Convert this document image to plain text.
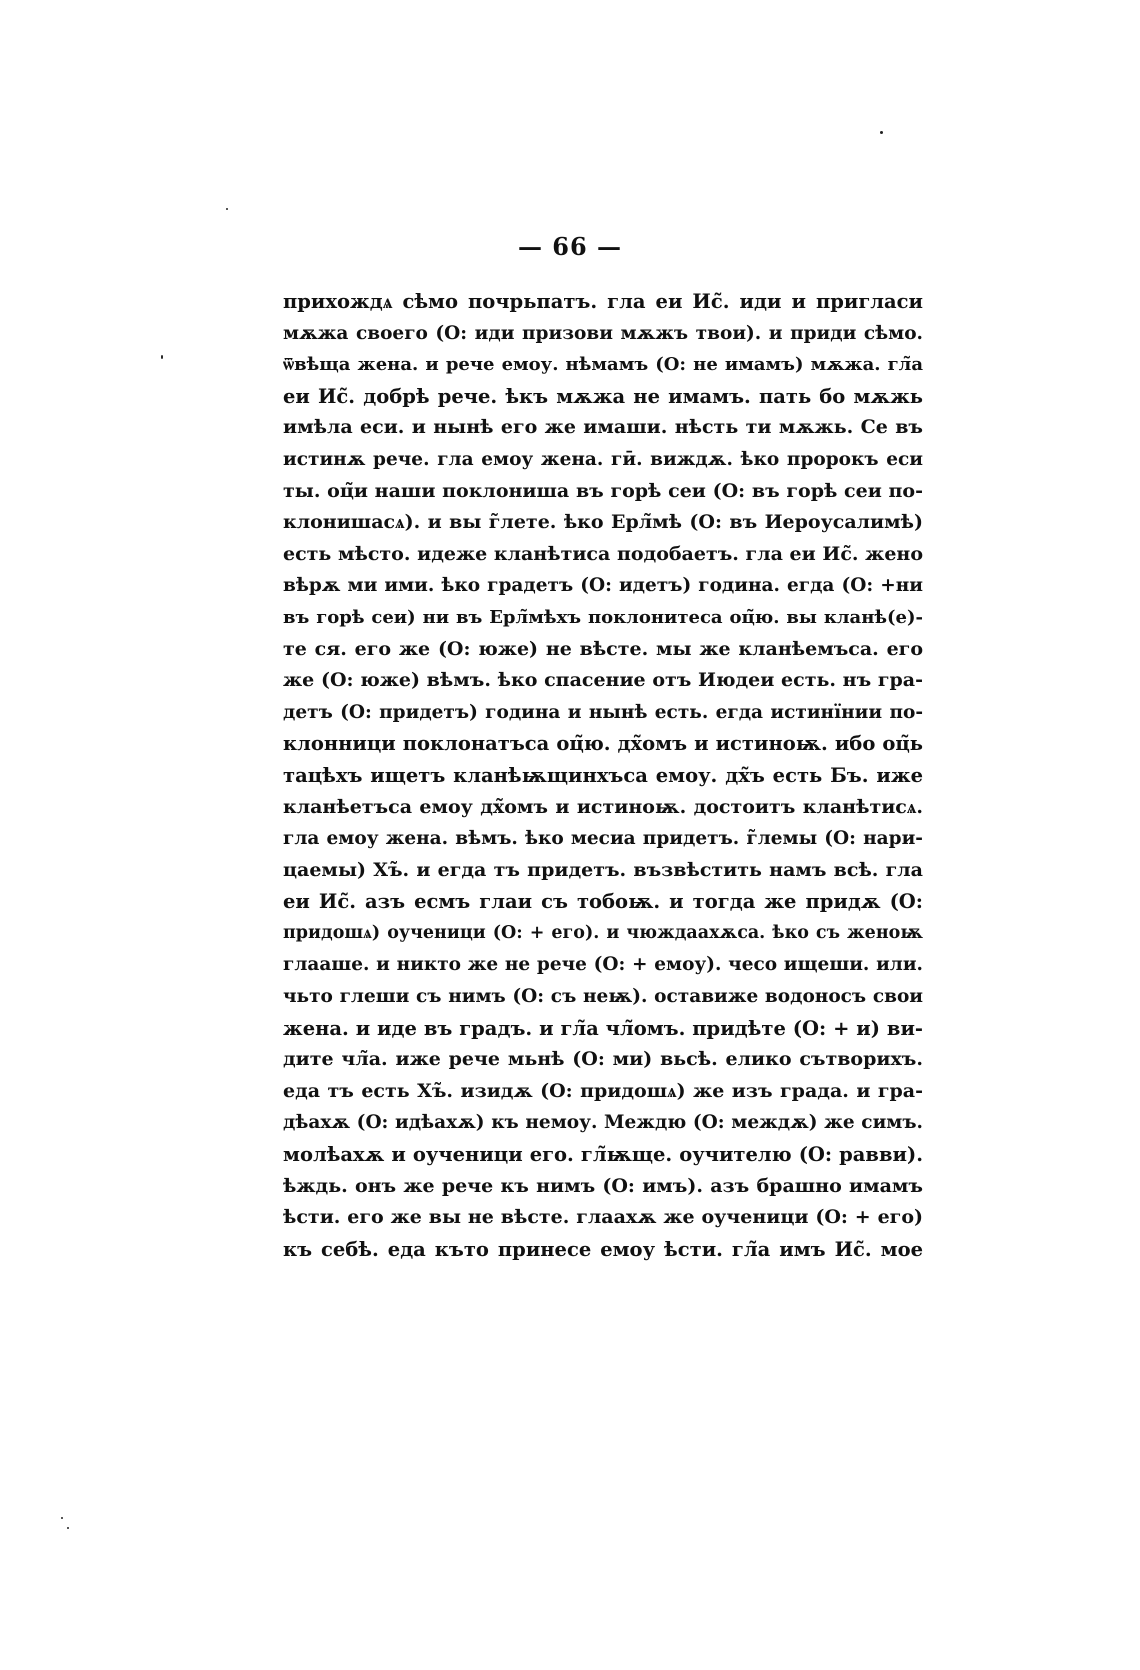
— 66 —
прихождѧ сѣмо почрьпатъ. гла еи Ис̃. иди и пригласи
мѫжа своего (О: иди призови мѫжъ твои). и приди сѣмо.
ѿвѣща жена. и рече емоу. нѣмамъ (О: не имамъ) мѫжа. гл̃а
еи Ис̃. добрѣ рече. ѣкъ мѫжа не имамъ. пать бо мѫжь
имѣла еси. и нынѣ его же имаши. нѣсть ти мѫжь. Се въ
истинѫ рече. гла емоу жена. гӣ. виждѫ. ѣко пророкъ еси
ты. оц̃и наши поклониша въ горѣ сеи (О: въ горѣ сеи по-
клонишасѧ). и вы г̃лете. ѣко Ерл̃мѣ (О: въ Иероусалимѣ)
есть мѣсто. идеже кланѣтиса подобаетъ. гла еи Ис̃. жено
вѣрѫ ми ими. ѣко градетъ (О: идетъ) година. егда (О: +ни
въ горѣ сеи) ни въ Ерл̃мѣхъ поклонитеса оц̃ю. вы кланѣ(е)-
те ся. его же (О: юже) не вѣсте. мы же кланѣемъса. его
же (О: юже) вѣмъ. ѣко спасение отъ Июдеи есть. нъ гра-
детъ (О: придетъ) година и нынѣ есть. егда истинїнии по-
клонници поклонатъса оц̃ю. дх̃омъ и истиноѭ. ибо оц̃ь
тацѣхъ ищетъ кланѣѭщинхъса емоу. дх̃ъ есть Бъ. иже
кланѣетъса емоу дх̃омъ и истиноѭ. достоитъ кланѣтисѧ.
гла емоу жена. вѣмъ. ѣко месиа придетъ. г̃лемы (О: нари-
цаемы) Хъ̃. и егда тъ придетъ. възвѣстить намъ всѣ. гла
еи Ис̃. азъ есмъ глаи съ тобоѭ. и тогда же придѫ (О:
придошѧ) оученици (О: + его). и чюждаахѫса. ѣко съ женоѭ
глааше. и никто же не рече (О: + емоу). чесо ищеши. или.
чьто глеши съ нимъ (О: съ неѭ). оставиже водоносъ свои
жена. и иде въ градъ. и гл̃а чл̃омъ. придѣте (О: + и) ви-
дите чл̃а. иже рече мьнѣ (О: ми) вьсѣ. елико сътворихъ.
еда тъ есть Хъ̃. изидѫ (О: придошѧ) же изъ града. и гра-
дѣахѫ (О: идѣахѫ) къ немоу. Междю (О: междѫ) же симъ.
молѣахѫ и оученици его. гл̃ѭще. оучителю (О: равви).
ѣждь. онъ же рече къ нимъ (О: имъ). азъ брашно имамъ
ѣсти. его же вы не вѣсте. глаахѫ же оученици (О: + его)
къ себѣ. еда къто принесе емоу ѣсти. гл̃а имъ Ис̃. мое
